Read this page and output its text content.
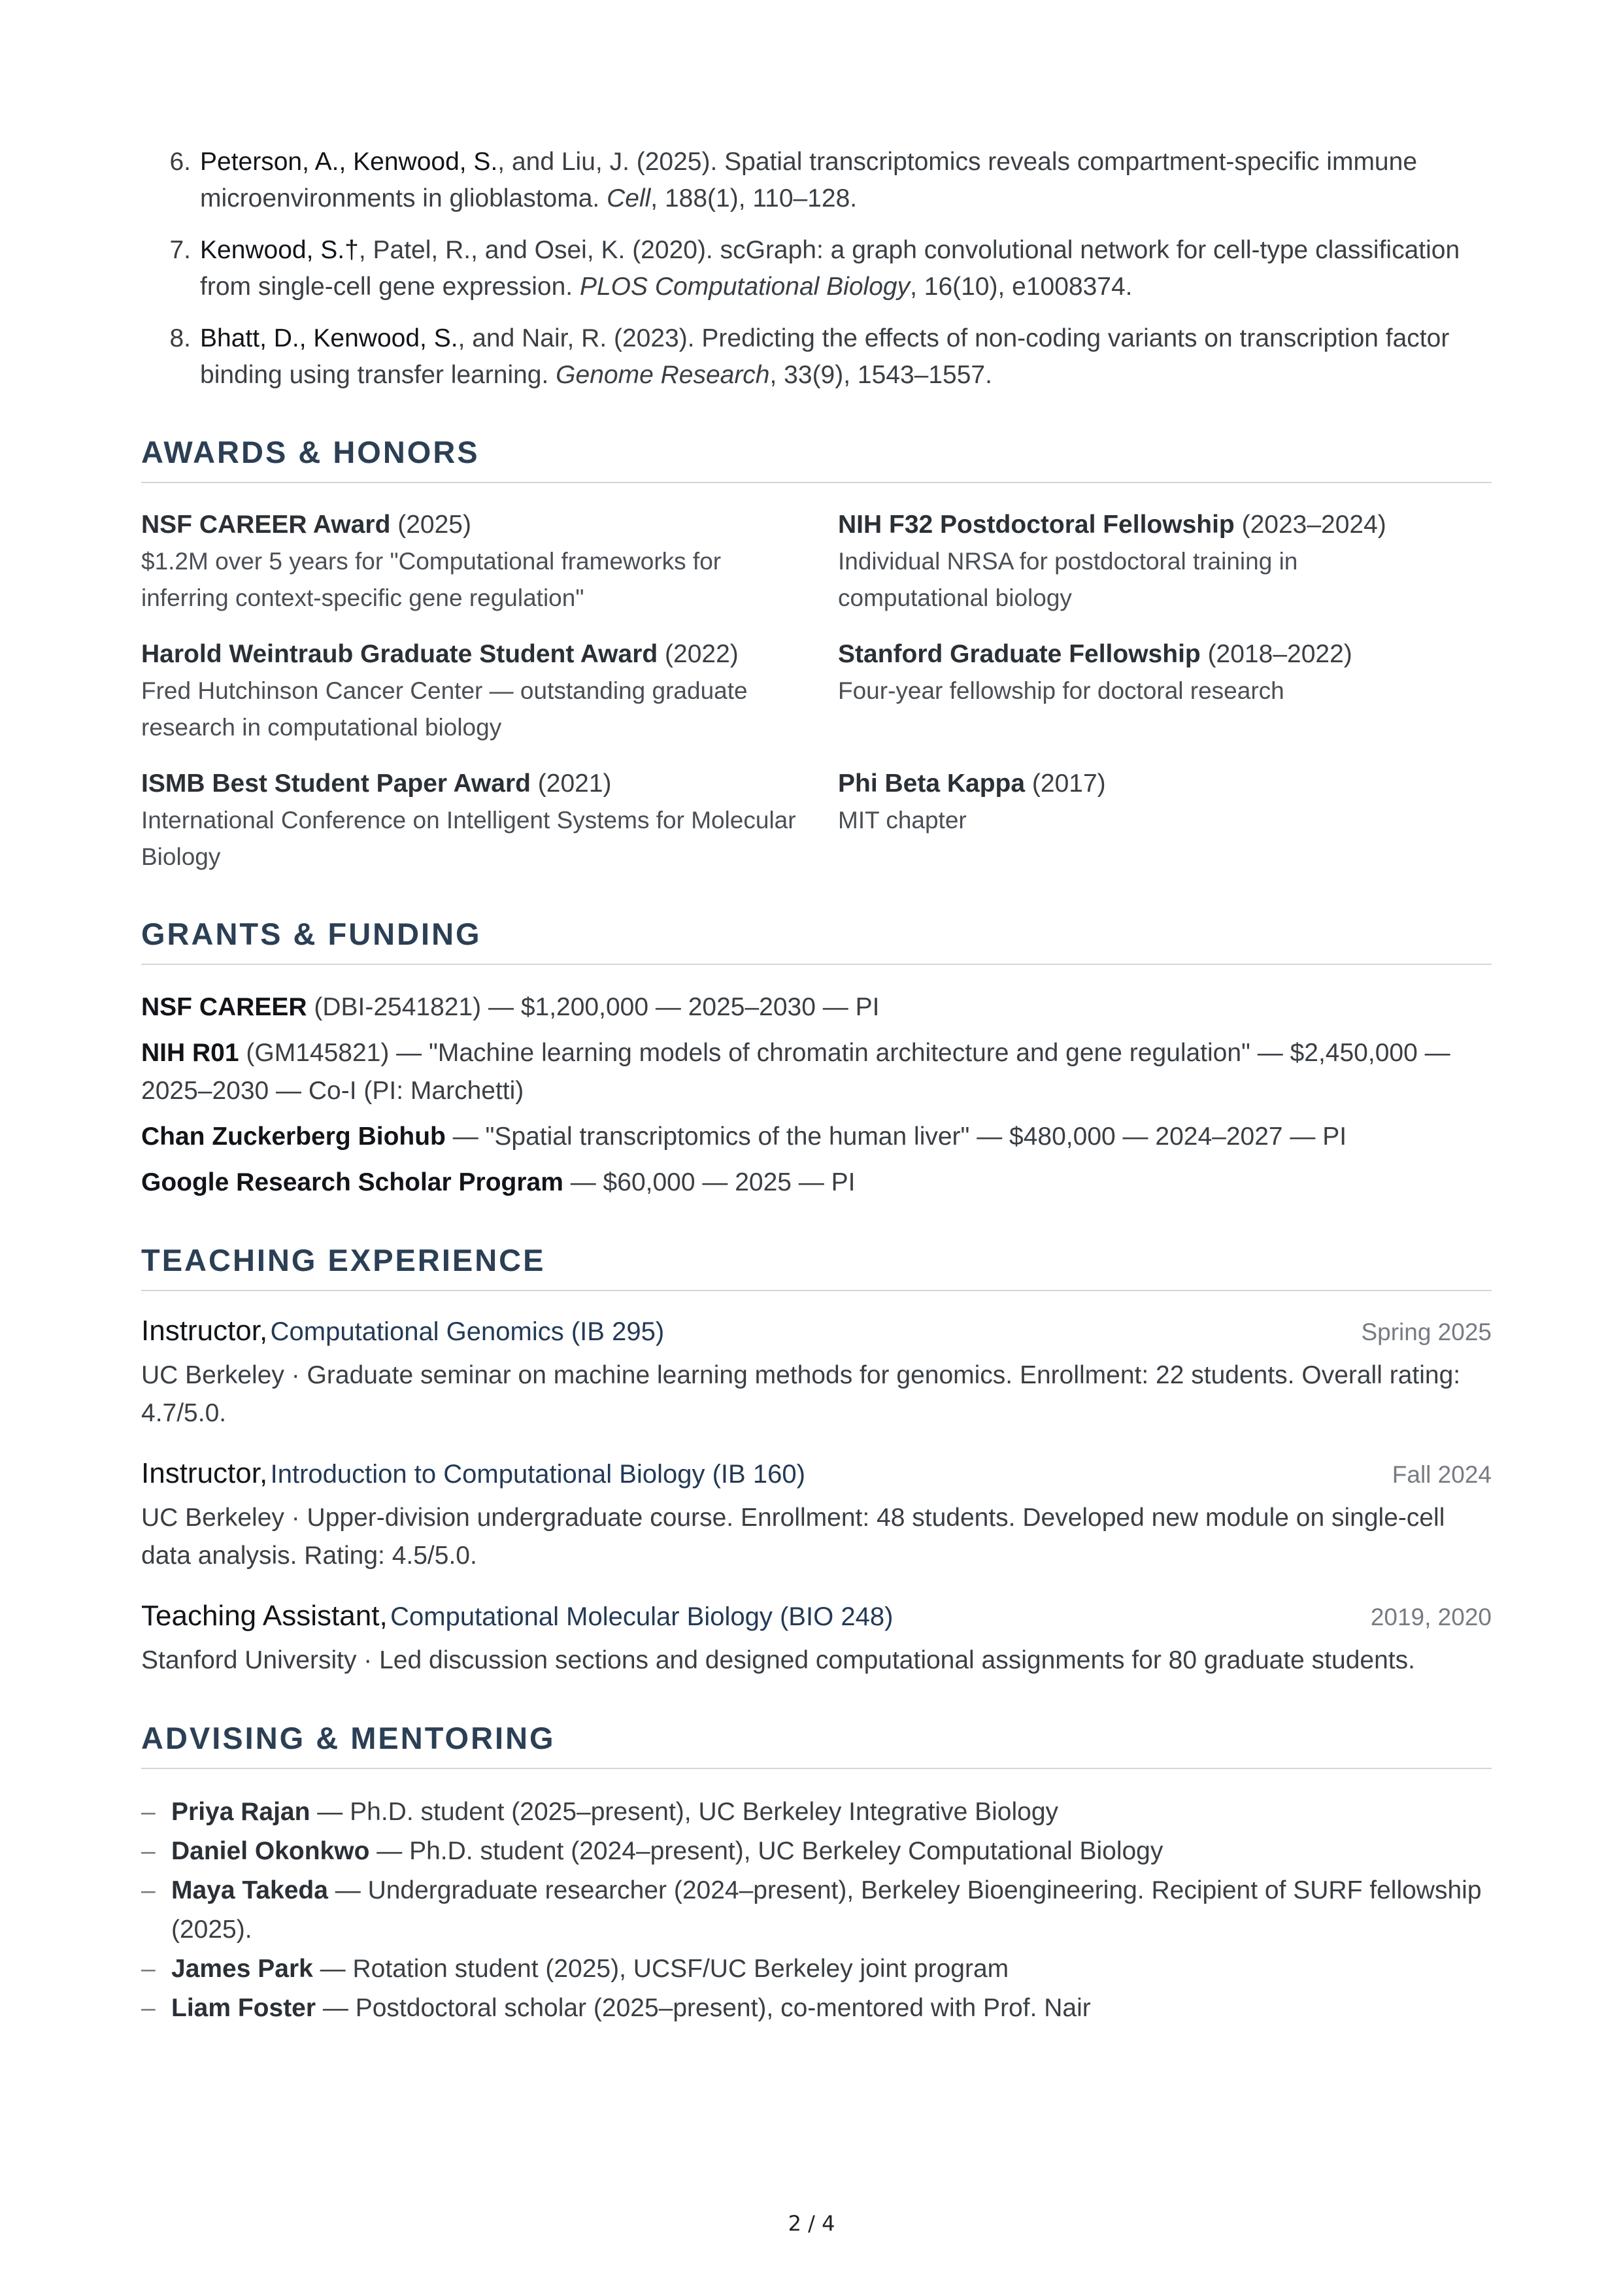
6. Peterson, A., Kenwood, S., and Liu, J. (2025). Spatial transcriptomics reveals compartment-specific immune microenvironments in glioblastoma. Cell, 188(1), 110–128.
7. Kenwood, S.†, Patel, R., and Osei, K. (2020). scGraph: a graph convolutional network for cell-type classification from single-cell gene expression. PLOS Computational Biology, 16(10), e1008374.
8. Bhatt, D., Kenwood, S., and Nair, R. (2023). Predicting the effects of non-coding variants on transcription factor binding using transfer learning. Genome Research, 33(9), 1543–1557.
AWARDS & HONORS
NSF CAREER Award (2025)
$1.2M over 5 years for "Computational frameworks for inferring context-specific gene regulation"
NIH F32 Postdoctoral Fellowship (2023–2024)
Individual NRSA for postdoctoral training in computational biology
Harold Weintraub Graduate Student Award (2022)
Fred Hutchinson Cancer Center — outstanding graduate research in computational biology
Stanford Graduate Fellowship (2018–2022)
Four-year fellowship for doctoral research
ISMB Best Student Paper Award (2021)
International Conference on Intelligent Systems for Molecular Biology
Phi Beta Kappa (2017)
MIT chapter
GRANTS & FUNDING
NSF CAREER (DBI-2541821) — $1,200,000 — 2025–2030 — PI
NIH R01 (GM145821) — "Machine learning models of chromatin architecture and gene regulation" — $2,450,000 — 2025–2030 — Co-I (PI: Marchetti)
Chan Zuckerberg Biohub — "Spatial transcriptomics of the human liver" — $480,000 — 2024–2027 — PI
Google Research Scholar Program — $60,000 — 2025 — PI
TEACHING EXPERIENCE
Instructor, Computational Genomics (IB 295)	Spring 2025
UC Berkeley · Graduate seminar on machine learning methods for genomics. Enrollment: 22 students. Overall rating: 4.7/5.0.
Instructor, Introduction to Computational Biology (IB 160)	Fall 2024
UC Berkeley · Upper-division undergraduate course. Enrollment: 48 students. Developed new module on single-cell data analysis. Rating: 4.5/5.0.
Teaching Assistant, Computational Molecular Biology (BIO 248)	2019, 2020
Stanford University · Led discussion sections and designed computational assignments for 80 graduate students.
ADVISING & MENTORING
– Priya Rajan — Ph.D. student (2025–present), UC Berkeley Integrative Biology
– Daniel Okonkwo — Ph.D. student (2024–present), UC Berkeley Computational Biology
– Maya Takeda — Undergraduate researcher (2024–present), Berkeley Bioengineering. Recipient of SURF fellowship (2025).
– James Park — Rotation student (2025), UCSF/UC Berkeley joint program
– Liam Foster — Postdoctoral scholar (2025–present), co-mentored with Prof. Nair
2 / 4
